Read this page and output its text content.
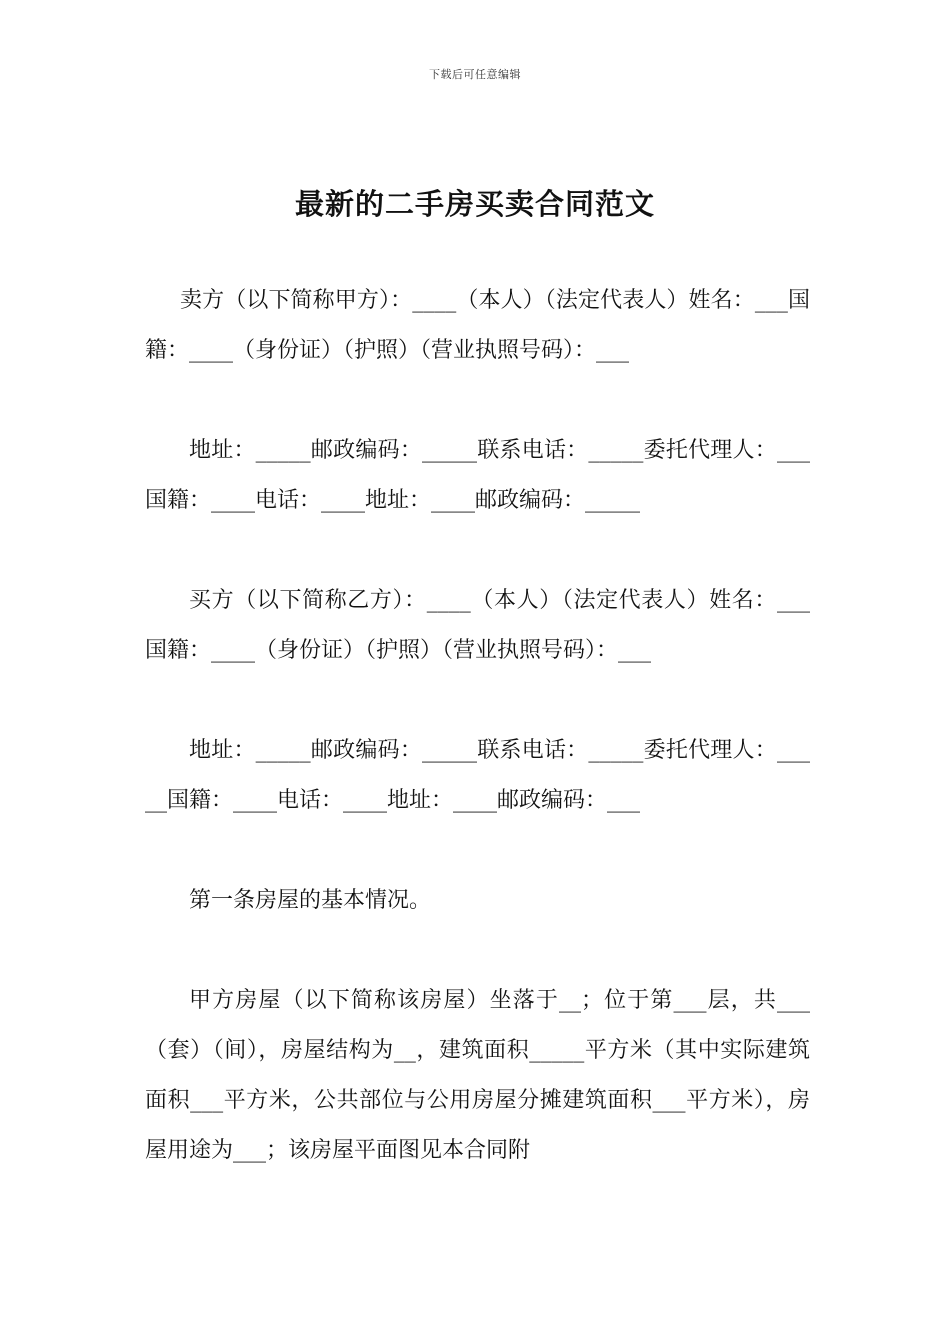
下载后可任意编辑
最新的二手房买卖合同范文

卖方（以下简称甲方）：____（本人）（法定代表人）姓名：___国籍：____（身份证）（护照）（营业执照号码）：___

地址：_____邮政编码：_____联系电话：_____委托代理人：___国籍：____电话：____地址：____邮政编码：_____

买方（以下简称乙方）：____（本人）（法定代表人）姓名：___国籍：____（身份证）（护照）（营业执照号码）：___

地址：_____邮政编码：_____联系电话：_____委托代理人：_____国籍：____电话：____地址：____邮政编码：___

第一条房屋的基本情况。

甲方房屋（以下简称该房屋）坐落于__；位于第___层，共___（套）（间），房屋结构为__，建筑面积_____平方米（其中实际建筑面积___平方米，公共部位与公用房屋分摊建筑面积___平方米），房屋用途为___；该房屋平面图见本合同附
